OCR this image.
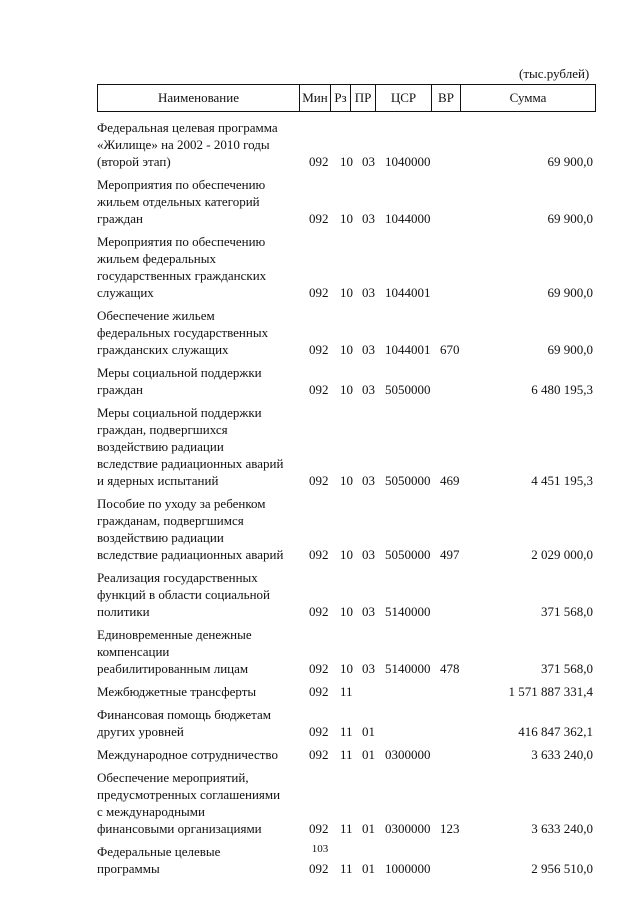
(тыс.рублей)
Наименование	Мин Рз ПР	ЦСР	ВР	Сумма
Федеральная целевая программа
«Жилище» на 2002 - 2010 годы
(второй этап)	092 10 03 1040000	69 900,0
Мероприятия по обеспечению
жильем отдельных категорий
граждан	092 10 03 1044000	69 900,0
Мероприятия по обеспечению
жильем федеральных
государственных гражданских
служащих	092 10 03 1044001	69 900,0
Обеспечение жильем
федеральных государственных
гражданских служащих	092 10 03 1044001 670	69 900,0
Меры социальной поддержки
граждан	092 10 03 5050000	6 480 195,3
Меры социальной поддержки
граждан, подвергшихся
воздействию радиации
вследствие радиационных аварий
и ядерных испытаний	092 10 03 5050000 469	4 451 195,3
Пособие по уходу за ребенком
гражданам, подвергшимся
воздействию радиации
вследствие радиационных аварий	092 10 03 5050000 497	2 029 000,0
Реализация государственных
функций в области социальной
политики	092 10 03 5140000	371 568,0
Единовременные денежные
компенсации
реабилитированным лицам	092 10 03 5140000 478	371 568,0
Межбюджетные трансферты	092 11	1 571 887 331,4
Финансовая помощь бюджетам
других уровней	092 11 01	416 847 362,1
Международное сотрудничество	092 11 01 0300000	3 633 240,0
Обеспечение мероприятий,
предусмотренных соглашениями
с международными
финансовыми организациями	092 11 01 0300000 123	3 633 240,0
Федеральные целевые
программы	092 11 01 1000000	2 956 510,0
103
